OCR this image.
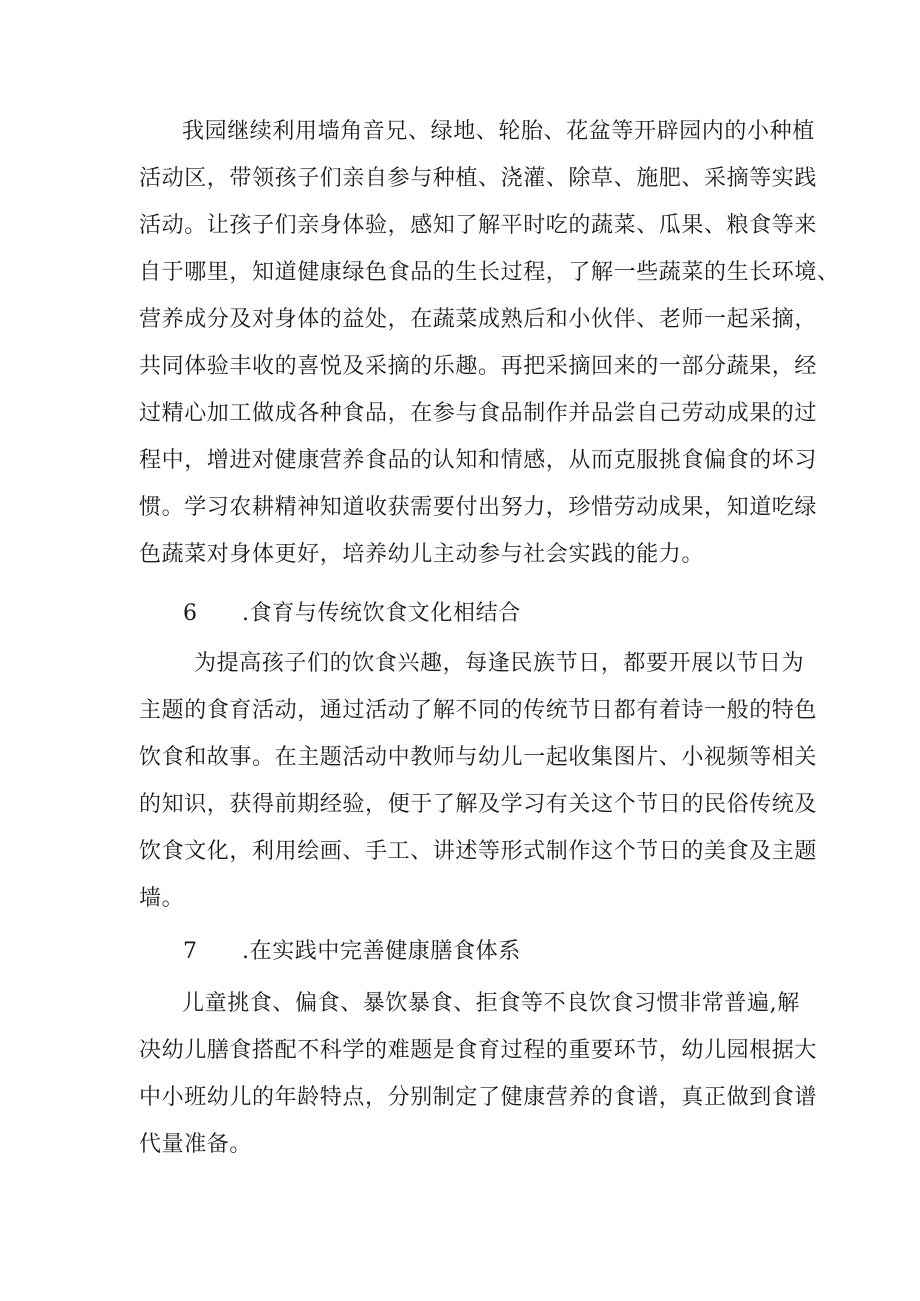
我园继续利用墙角音兄、绿地、轮胎、花盆等开辟园内的小种植
活动区，带领孩子们亲自参与种植、浇灌、除草、施肥、采摘等实践
活动。让孩子们亲身体验，感知了解平时吃的蔬菜、瓜果、粮食等来
自于哪里，知道健康绿色食品的生长过程，了解一些蔬菜的生长环境、
营养成分及对身体的益处，在蔬菜成熟后和小伙伴、老师一起采摘，
共同体验丰收的喜悦及采摘的乐趣。再把采摘回来的一部分蔬果，经
过精心加工做成各种食品，在参与食品制作并品尝自己劳动成果的过
程中，增进对健康营养食品的认知和情感，从而克服挑食偏食的坏习
惯。学习农耕精神知道收获需要付出努力，珍惜劳动成果，知道吃绿
色蔬菜对身体更好，培养幼儿主动参与社会实践的能力。
6 .食育与传统饮食文化相结合
为提高孩子们的饮食兴趣，每逢民族节日，都要开展以节日为
主题的食育活动，通过活动了解不同的传统节日都有着诗一般的特色
饮食和故事。在主题活动中教师与幼儿一起收集图片、小视频等相关
的知识，获得前期经验，便于了解及学习有关这个节日的民俗传统及
饮食文化，利用绘画、手工、讲述等形式制作这个节日的美食及主题
墙。
7 .在实践中完善健康膳食体系
儿童挑食、偏食、暴饮暴食、拒食等不良饮食习惯非常普遍,解
决幼儿膳食搭配不科学的难题是食育过程的重要环节，幼儿园根据大
中小班幼儿的年龄特点，分别制定了健康营养的食谱，真正做到食谱
代量准备。
